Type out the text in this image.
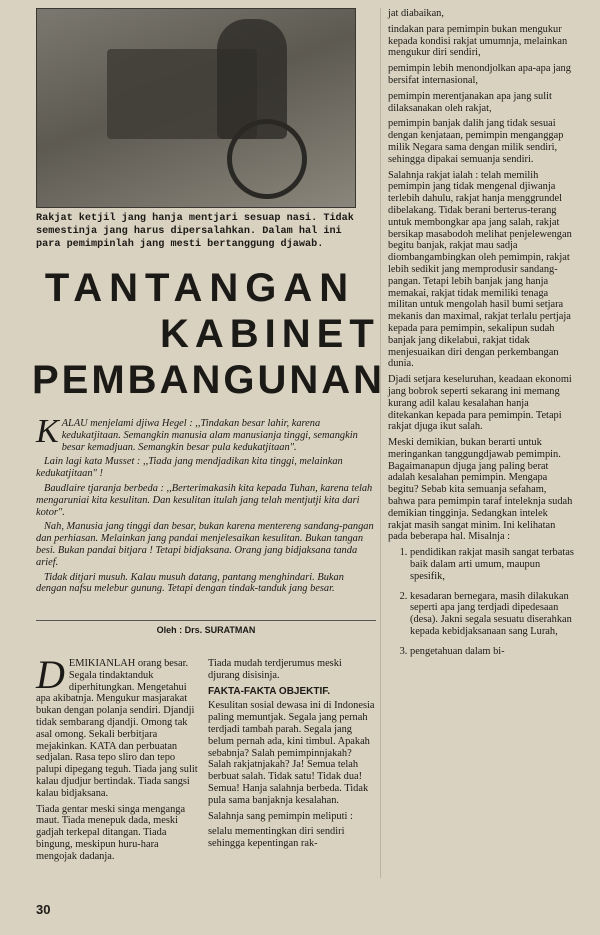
Rakjat ketjil jang hanja mentjari sesuap nasi. Tidak semestinja jang harus dipersalahkan. Dalam hal ini para pemimpinlah jang mesti bertanggung djawab.
TANTANGAN
KABINET
PEMBANGUNAN

K ALAU menjelami djiwa Hegel : ,,Tindakan besar lahir, karena kedukatjitaan. Semangkin manusia alam manusianja tinggi, semangkin besar kemadjuan. Semangkin besar pula kedukatjitaan".

Lain lagi kata Musset : ,,Tiada jang mendjadikan kita tinggi, melainkan kedukatjitaan" !

Baudlaire tjaranja berbeda : ,,Berterimakasih kita kepada Tuhan, karena telah mengaruniai kita kesulitan. Dan kesulitan itulah jang telah mentjutji kita dari kotor".

Nah, Manusia jang tinggi dan besar, bukan karena mentereng sandang-pangan dan perhiasan. Melainkan jang pandai menjelesaikan kesulitan. Bukan tangan besi. Bukan pandai bitjara ! Tetapi bidjaksana. Orang jang bidjaksana tanda arief.

Tidak ditjari musuh. Kalau musuh datang, pantang menghindari. Bukan dengan nafsu melebur gunung. Tetapi dengan tindak-tanduk jang besar.

Oleh : Drs. SURATMAN

D EMIKIANLAH orang besar. Segala tindaktanduk diperhitungkan. Mengetahui apa akibatnja. Mengukur masjarakat bukan dengan polanja sendiri. Djandji tidak sembarang djandji. Omong tak asal omong. Sekali berbitjara mejakinkan. KATA dan perbuatan sedjalan. Rasa tepo sliro dan tepo palupi dipegang teguh. Tiada jang sulit kalau djudjur bertindak. Tiada sangsi kalau bidjaksana.

Tiada gentar meski singa menganga maut. Tiada menepuk dada, meski gadjah terkepal ditangan. Tiada bingung, meskipun huru-hara mengojak dadanja.

Tiada mudah terdjerumus meski djurang disisinja.

FAKTA-FAKTA OBJEKTIF.

Kesulitan sosial dewasa ini di Indonesia paling memuntjak. Segala jang pernah terdjadi tambah parah. Segala jang belum pernah ada, kini timbul. Apakah sebabnja? Salah pemimpinnjakah? Salah rakjatnjakah? Ja! Semua telah berbuat salah. Tidak satu! Tidak dua! Semua! Hanja salahnja berbeda. Tidak pula sama banjaknja kesalahan.

Salahnja sang pemimpin meliputi :

selalu mementingkan diri sendiri sehingga kepentingan rak-

jat diabaikan,

tindakan para pemimpin bukan mengukur kepada kondisi rakjat umumnja, melainkan mengukur diri sendiri,

pemimpin lebih menondjolkan apa-apa jang bersifat internasional,

pemimpin merentjanakan apa jang sulit dilaksanakan oleh rakjat,

pemimpin banjak dalih jang tidak sesuai dengan kenjataan, pemimpin menganggap milik Negara sama dengan milik sendiri, sehingga dipakai semuanja sendiri.

Salahnja rakjat ialah : telah memilih pemimpin jang tidak mengenal djiwanja terlebih dahulu, rakjat hanja menggrundel dibelakang. Tidak berani berterus-terang untuk membongkar apa jang salah, rakjat bersikap masabodoh melihat penjelewengan begitu banjak, rakjat mau sadja diombangambingkan oleh pemimpin, rakjat lebih sedikit jang memprodusir sandang-pangan. Tetapi lebih banjak jang hanja memakai, rakjat tidak memiliki tenaga militan untuk mengolah hasil bumi setjara mekanis dan maximal, rakjat terlalu pertjaja kepada para pemimpin, sekalipun sudah banjak jang dikelabui, rakjat tidak menjesuaikan diri dengan perkembangan dunia.

Djadi setjara keseluruhan, keadaan ekonomi jang bobrok seperti sekarang ini memang kurang adil kalau kesalahan hanja ditekankan kepada para pemimpin. Tetapi rakjat djuga ikut salah.

Meski demikian, bukan berarti untuk meringankan tanggungdjawab pemimpin. Bagaimanapun djuga jang paling berat adalah kesalahan pemimpin. Mengapa begitu? Sebab kita semuanja sefaham, bahwa para pemimpin taraf inteleknja sudah demikian tingginja. Sedangkan intelek rakjat masih sangat minim. Ini kelihatan pada beberapa hal. Misalnja :

1. pendidikan rakjat masih sangat terbatas baik dalam arti umum, maupun spesifik,
2. kesadaran bernegara, masih dilakukan seperti apa jang terdjadi dipedesaan (desa). Jakni segala sesuatu diserahkan kepada kebidjaksanaan sang Lurah,
3. pengetahuan dalam bi-
30
